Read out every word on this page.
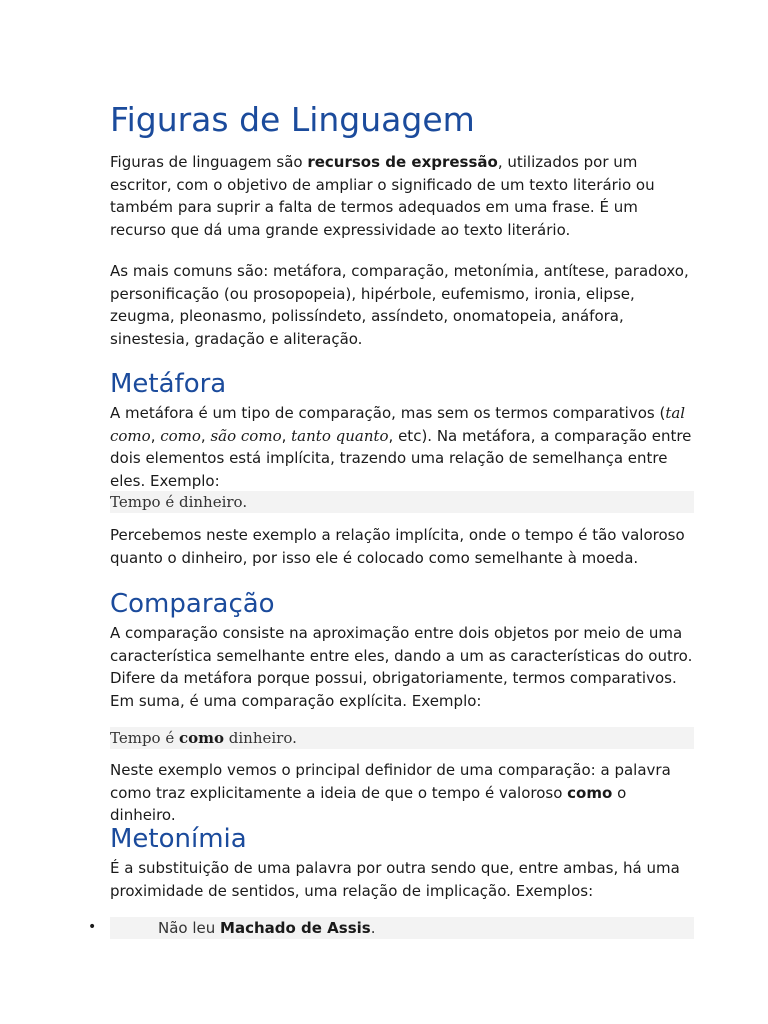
Figuras de Linguagem

Figuras de linguagem são recursos de expressão, utilizados por um escritor, com o objetivo de ampliar o significado de um texto literário ou também para suprir a falta de termos adequados em uma frase. É um recurso que dá uma grande expressividade ao texto literário.

As mais comuns são: metáfora, comparação, metonímia, antítese, paradoxo, personificação (ou prosopopeia), hipérbole, eufemismo, ironia, elipse, zeugma, pleonasmo, polissíndeto, assíndeto, onomatopeia, anáfora, sinestesia, gradação e aliteração.

Metáfora

A metáfora é um tipo de comparação, mas sem os termos comparativos (tal como, como, são como, tanto quanto, etc). Na metáfora, a comparação entre dois elementos está implícita, trazendo uma relação de semelhança entre eles. Exemplo:

Tempo é dinheiro.

Percebemos neste exemplo a relação implícita, onde o tempo é tão valoroso quanto o dinheiro, por isso ele é colocado como semelhante à moeda.

Comparação

A comparação consiste na aproximação entre dois objetos por meio de uma característica semelhante entre eles, dando a um as características do outro. Difere da metáfora porque possui, obrigatoriamente, termos comparativos. Em suma, é uma comparação explícita. Exemplo:

Tempo é como dinheiro.

Neste exemplo vemos o principal definidor de uma comparação: a palavra como traz explicitamente a ideia de que o tempo é valoroso como o dinheiro.

Metonímia

É a substituição de uma palavra por outra sendo que, entre ambas, há uma proximidade de sentidos, uma relação de implicação. Exemplos:

•	Não leu Machado de Assis.
